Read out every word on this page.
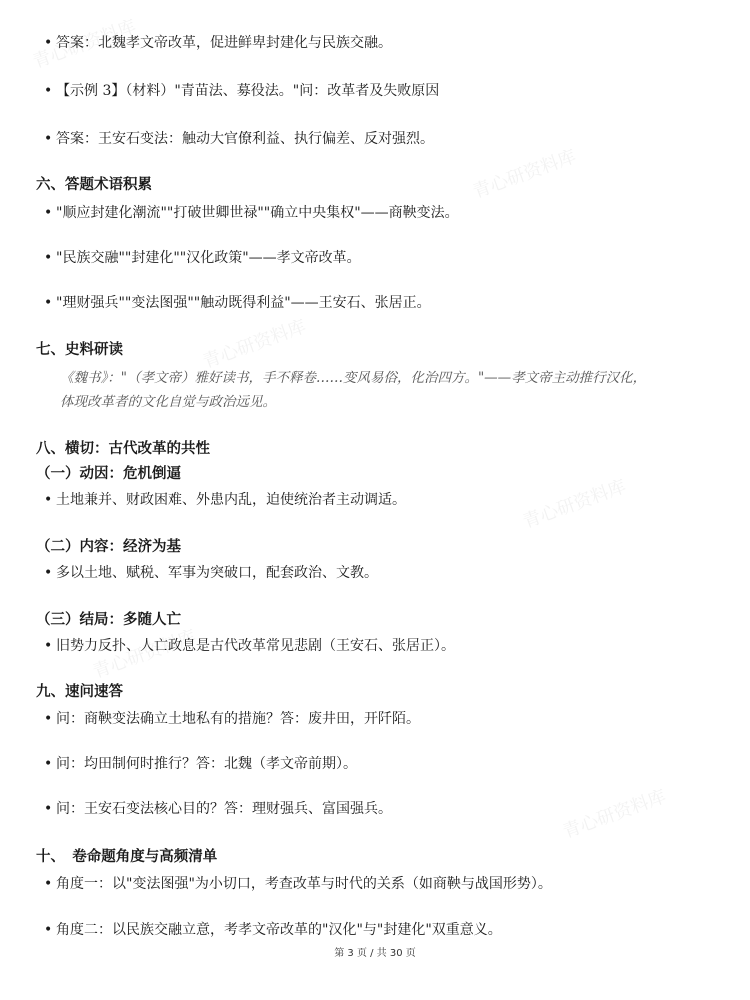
青心研资料库
青心研资料库
青心研资料库
青心研资料库
青心研资料库
青心研资料库
• 答案：北魏孝文帝改革，促进鲜卑封建化与民族交融。
• 【示例 3】（材料）"青苗法、募役法。"问：改革者及失败原因
• 答案：王安石变法：触动大官僚利益、执行偏差、反对强烈。
六、答题术语积累
• "顺应封建化潮流""打破世卿世禄""确立中央集权"——商鞅变法。
• "民族交融""封建化""汉化政策"——孝文帝改革。
• "理财强兵""变法图强""触动既得利益"——王安石、张居正。
七、史料研读
《魏书》："（孝文帝）雅好读书，手不释卷……变风易俗，化治四方。"——孝文帝主动推行汉化，
体现改革者的文化自觉与政治远见。
八、横切：古代改革的共性
（一）动因：危机倒逼
• 土地兼并、财政困难、外患内乱，迫使统治者主动调适。
（二）内容：经济为基
• 多以土地、赋税、军事为突破口，配套政治、文教。
（三）结局：多随人亡
• 旧势力反扑、人亡政息是古代改革常见悲剧（王安石、张居正）。
九、速问速答
• 问：商鞅变法确立土地私有的措施？答：废井田，开阡陌。
• 问：均田制何时推行？答：北魏（孝文帝前期）。
• 问：王安石变法核心目的？答：理财强兵、富国强兵。
十、　卷命题角度与高频清单
• 角度一：以"变法图强"为小切口，考查改革与时代的关系（如商鞅与战国形势）。
• 角度二：以民族交融立意，考孝文帝改革的"汉化"与"封建化"双重意义。
第 3 页 / 共 30 页
